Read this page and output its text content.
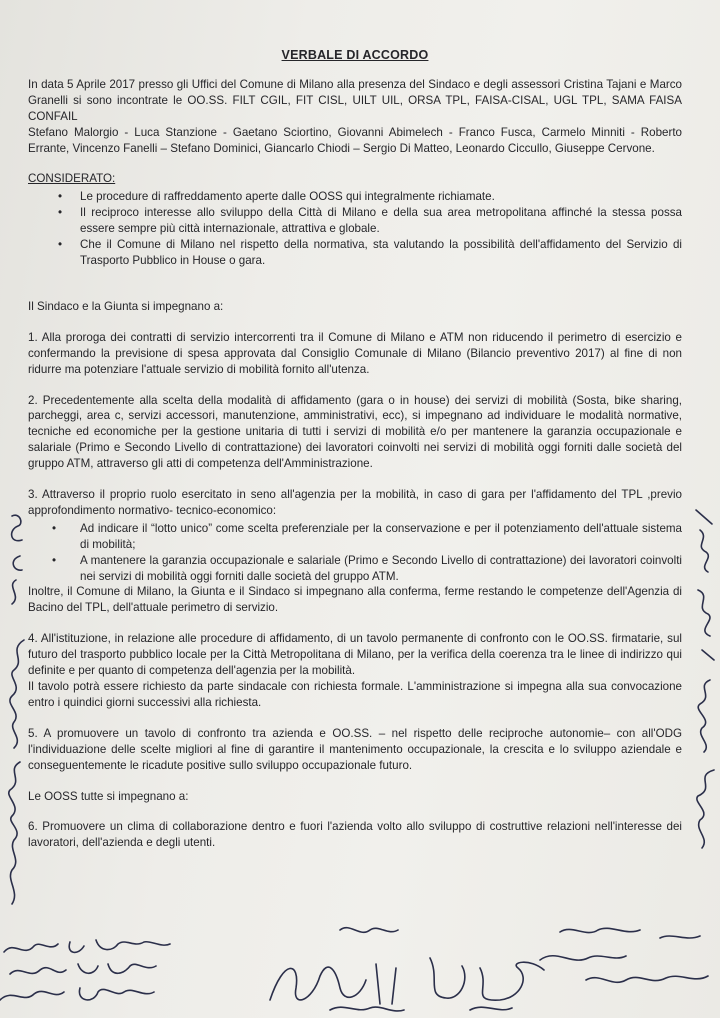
VERBALE DI ACCORDO

In data 5 Aprile 2017 presso gli Uffici del Comune di Milano alla presenza del Sindaco e degli assessori Cristina Tajani e Marco Granelli si sono incontrate le OO.SS. FILT CGIL, FIT CISL, UILT UIL, ORSA TPL, FAISA-CISAL, UGL TPL, SAMA FAISA CONFAIL

Stefano Malorgio - Luca Stanzione - Gaetano Sciortino, Giovanni Abimelech - Franco Fusca, Carmelo Minniti - Roberto Errante, Vincenzo Fanelli – Stefano Dominici, Giancarlo Chiodi – Sergio Di Matteo, Leonardo Ciccullo, Giuseppe Cervone.

CONSIDERATO:

• Le procedure di raffreddamento aperte dalle OOSS qui integralmente richiamate.
• Il reciproco interesse allo sviluppo della Città di Milano e della sua area metropolitana affinché la stessa possa essere sempre più città internazionale, attrattiva e globale.
• Che il Comune di Milano nel rispetto della normativa, sta valutando la possibilità dell'affidamento del Servizio di Trasporto Pubblico in House o gara.

Il Sindaco e la Giunta si impegnano a:

1. Alla proroga dei contratti di servizio intercorrenti tra il Comune di Milano e ATM non riducendo il perimetro di esercizio e confermando la previsione di spesa approvata dal Consiglio Comunale di Milano (Bilancio preventivo 2017) al fine di non ridurre ma potenziare l'attuale servizio di mobilità fornito all'utenza.

2. Precedentemente alla scelta della modalità di affidamento (gara o in house) dei servizi di mobilità (Sosta, bike sharing, parcheggi, area c, servizi accessori, manutenzione, amministrativi, ecc), si impegnano ad individuare le modalità normative, tecniche ed economiche per la gestione unitaria di tutti i servizi di mobilità e/o per mantenere la garanzia occupazionale e salariale (Primo e Secondo Livello di contrattazione) dei lavoratori coinvolti nei servizi di mobilità oggi forniti dalle società del gruppo ATM, attraverso gli atti di competenza dell'Amministrazione.

3. Attraverso il proprio ruolo esercitato in seno all'agenzia per la mobilità, in caso di gara per l'affidamento del TPL ,previo approfondimento normativo- tecnico-economico:

• Ad indicare il “lotto unico” come scelta preferenziale per la conservazione e per il potenziamento dell'attuale sistema di mobilità;
• A mantenere la garanzia occupazionale e salariale (Primo e Secondo Livello di contrattazione) dei lavoratori coinvolti nei servizi di mobilità oggi forniti dalle società del gruppo ATM.

Inoltre, il Comune di Milano, la Giunta e il Sindaco si impegnano alla conferma, ferme restando le competenze dell'Agenzia di Bacino del TPL, dell'attuale perimetro di servizio.

4. All'istituzione, in relazione alle procedure di affidamento, di un tavolo permanente di confronto con le OO.SS. firmatarie, sul futuro del trasporto pubblico locale per la Città Metropolitana di Milano, per la verifica della coerenza tra le linee di indirizzo qui definite e per quanto di competenza dell'agenzia per la mobilità.

Il tavolo potrà essere richiesto da parte sindacale con richiesta formale. L'amministrazione si impegna alla sua convocazione entro i quindici giorni successivi alla richiesta.

5. A promuovere un tavolo di confronto tra azienda e OO.SS. – nel rispetto delle reciproche autonomie– con all'ODG l'individuazione delle scelte migliori al fine di garantire il mantenimento occupazionale, la crescita e lo sviluppo aziendale e conseguentemente le ricadute positive sullo sviluppo occupazionale futuro.

Le OOSS tutte si impegnano a:

6. Promuovere un clima di collaborazione dentro e fuori l'azienda volto allo sviluppo di costruttive relazioni nell'interesse dei lavoratori, dell'azienda e degli utenti.
